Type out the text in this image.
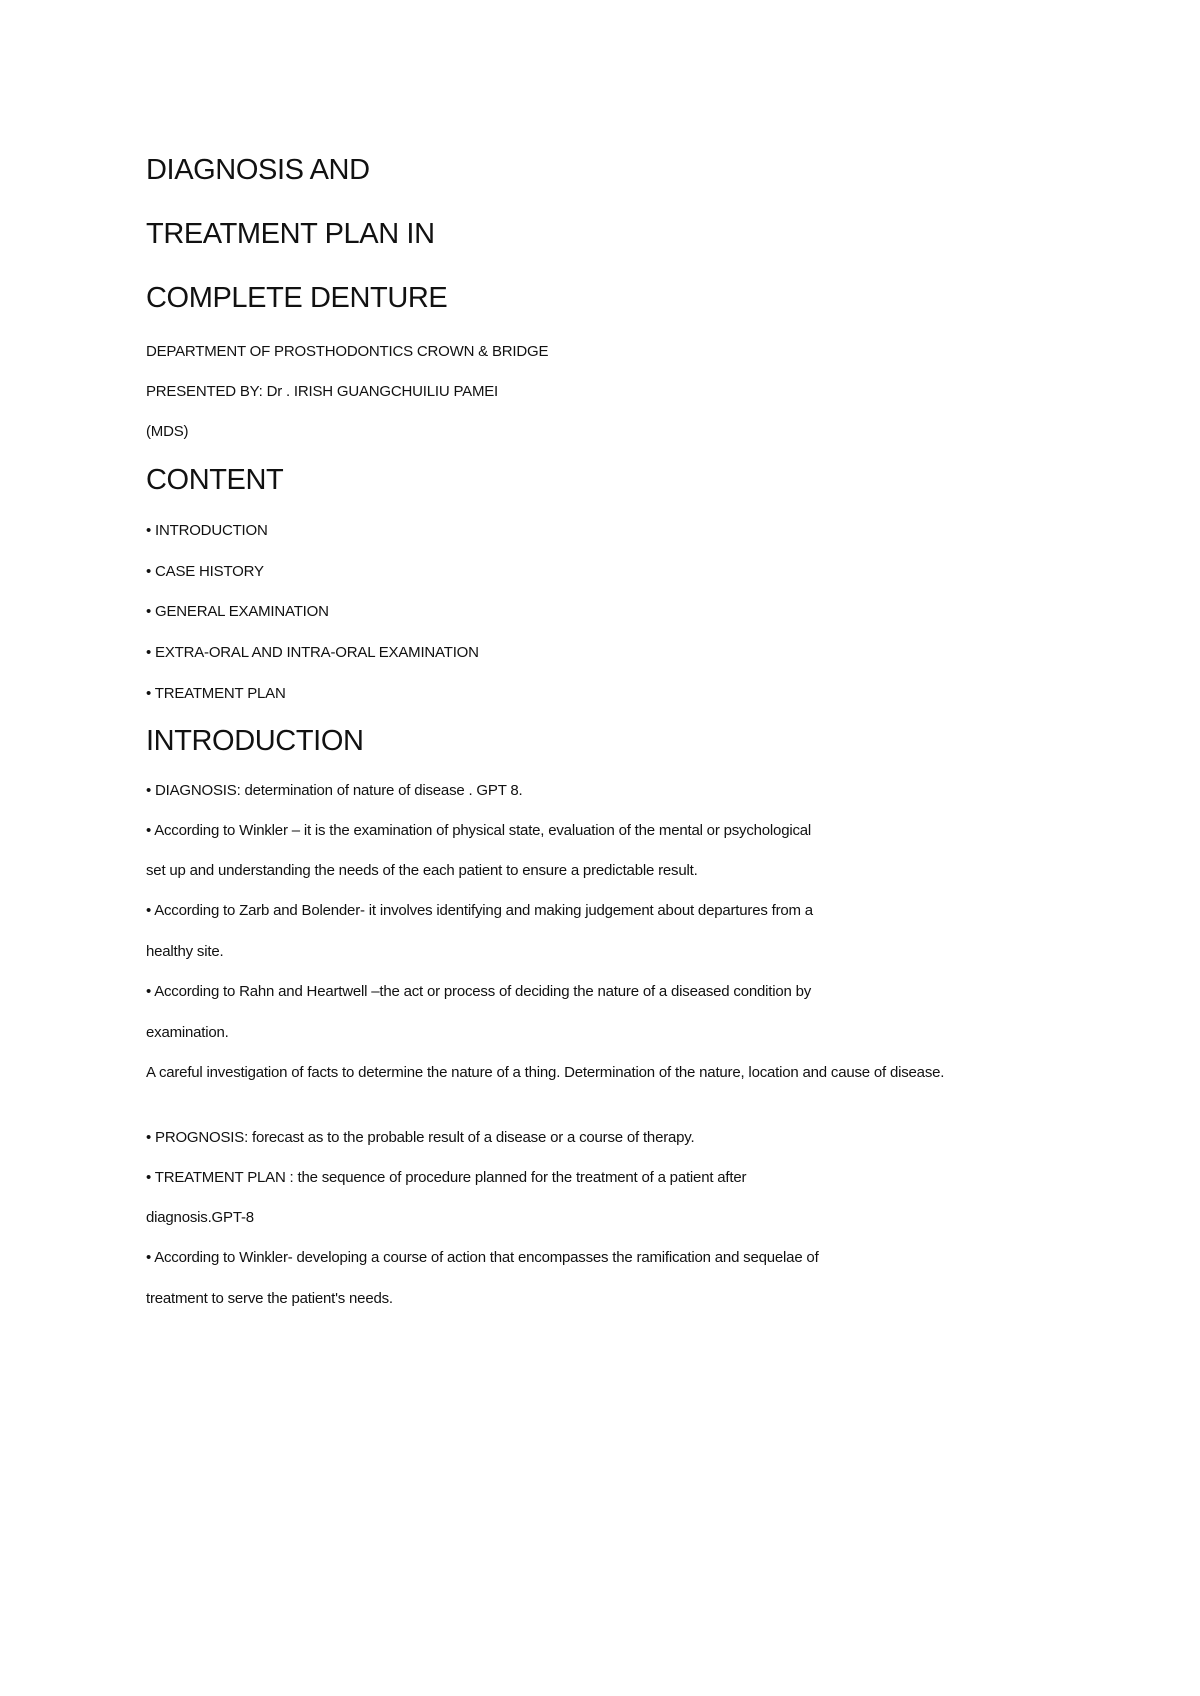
DIAGNOSIS AND
TREATMENT PLAN IN
COMPLETE DENTURE
DEPARTMENT OF PROSTHODONTICS CROWN & BRIDGE
PRESENTED BY: Dr . IRISH GUANGCHUILIU PAMEI
(MDS)
CONTENT
• INTRODUCTION
• CASE HISTORY
• GENERAL EXAMINATION
• EXTRA-ORAL AND INTRA-ORAL EXAMINATION
• TREATMENT PLAN
INTRODUCTION
• DIAGNOSIS: determination of nature of disease . GPT 8.
• According to Winkler – it is the examination of physical state, evaluation of the mental or psychological
set up and understanding the needs of the each patient to ensure a predictable result.
• According to Zarb and Bolender- it involves identifying and making judgement about departures from a
healthy site.
• According to Rahn and Heartwell –the act or process of deciding the nature of a diseased condition by
examination.
A careful investigation of facts to determine the nature of a thing. Determination of the nature, location and cause of disease.
• PROGNOSIS: forecast as to the probable result of a disease or a course of therapy.
• TREATMENT PLAN : the sequence of procedure planned for the treatment of a patient after
diagnosis.GPT-8
• According to Winkler- developing a course of action that encompasses the ramification and sequelae of
treatment to serve the patient's needs.
